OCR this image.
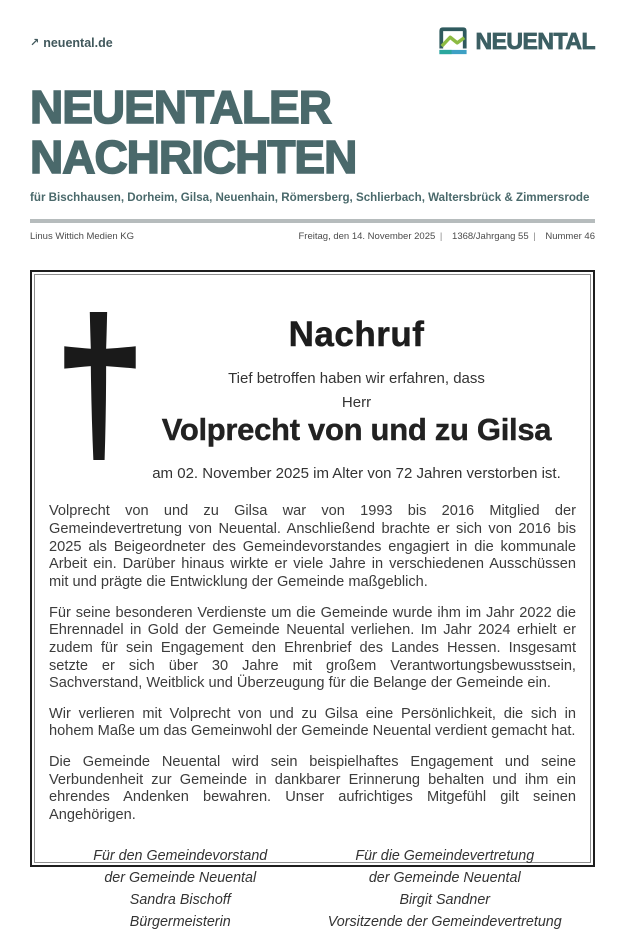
↗ neuental.de	NEUENTAL
NEUENTALER
NACHRICHTEN
für Bischhausen, Dorheim, Gilsa, Neuenhain, Römersberg, Schlierbach, Waltersbrück & Zimmersrode
Linus Wittich Medien KG	Freitag, den 14. November 2025 | 1368/Jahrgang 55 | Nummer 46
Nachruf

Tief betroffen haben wir erfahren, dass

Herr

Volprecht von und zu Gilsa

am 02. November 2025 im Alter von 72 Jahren verstorben ist.

Volprecht von und zu Gilsa war von 1993 bis 2016 Mitglied der Gemeindevertretung von Neuental. Anschließend brachte er sich von 2016 bis 2025 als Beigeordneter des Gemeindevorstandes engagiert in die kommunale Arbeit ein. Darüber hinaus wirkte er viele Jahre in verschiedenen Ausschüssen mit und prägte die Entwicklung der Gemeinde maßgeblich.

Für seine besonderen Verdienste um die Gemeinde wurde ihm im Jahr 2022 die Ehrennadel in Gold der Gemeinde Neuental verliehen. Im Jahr 2024 erhielt er zudem für sein Engagement den Ehrenbrief des Landes Hessen. Insgesamt setzte er sich über 30 Jahre mit großem Verantwortungsbewusstsein, Sachverstand, Weitblick und Überzeugung für die Belange der Gemeinde ein.

Wir verlieren mit Volprecht von und zu Gilsa eine Persönlichkeit, die sich in hohem Maße um das Gemeinwohl der Gemeinde Neuental verdient gemacht hat.

Die Gemeinde Neuental wird sein beispielhaftes Engagement und seine Verbundenheit zur Gemeinde in dankbarer Erinnerung behalten und ihm ein ehrendes Andenken bewahren. Unser aufrichtiges Mitgefühl gilt seinen Angehörigen.

Für den Gemeindevorstand
der Gemeinde Neuental
Sandra Bischoff
Bürgermeisterin
Für die Gemeindevertretung
der Gemeinde Neuental
Birgit Sandner
Vorsitzende der Gemeindevertretung
